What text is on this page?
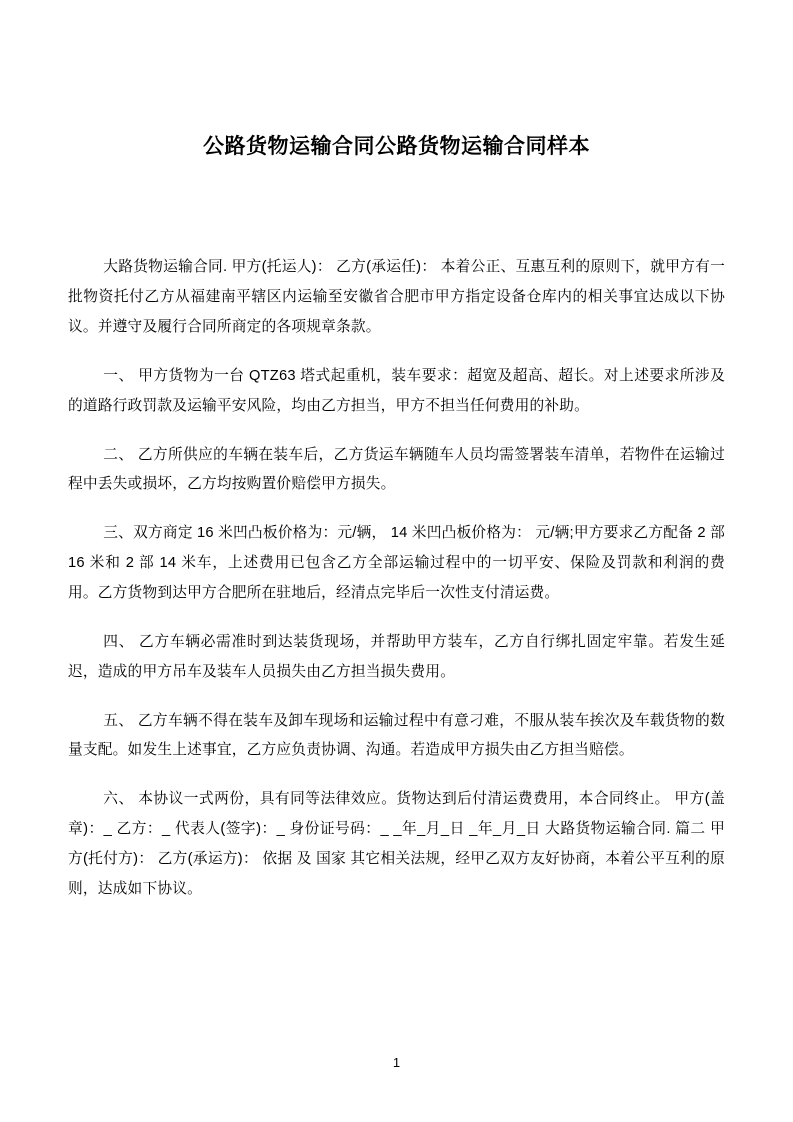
公路货物运输合同公路货物运输合同样本

大路货物运输合同. 甲方(托运人)： 乙方(承运任)： 本着公正、互惠互利的原则下，就甲方有一批物资托付乙方从福建南平辖区内运输至安徽省合肥市甲方指定设备仓库内的相关事宜达成以下协议。并遵守及履行合同所商定的各项规章条款。

一、 甲方货物为一台 QTZ63 塔式起重机，装车要求：超宽及超高、超长。对上述要求所涉及的道路行政罚款及运输平安风险，均由乙方担当，甲方不担当任何费用的补助。

二、 乙方所供应的车辆在装车后，乙方货运车辆随车人员均需签署装车清单，若物件在运输过程中丢失或损坏，乙方均按购置价赔偿甲方损失。

三、双方商定 16 米凹凸板价格为：元/辆， 14 米凹凸板价格为： 元/辆;甲方要求乙方配备 2 部 16 米和 2 部 14 米车，上述费用已包含乙方全部运输过程中的一切平安、保险及罚款和利润的费用。乙方货物到达甲方合肥所在驻地后，经清点完毕后一次性支付清运费。

四、 乙方车辆必需准时到达装货现场，并帮助甲方装车，乙方自行绑扎固定牢靠。若发生延迟，造成的甲方吊车及装车人员损失由乙方担当损失费用。

五、 乙方车辆不得在装车及卸车现场和运输过程中有意刁难，不服从装车挨次及车载货物的数量支配。如发生上述事宜，乙方应负责协调、沟通。若造成甲方损失由乙方担当赔偿。

六、 本协议一式两份，具有同等法律效应。货物达到后付清运费费用，本合同终止。 甲方(盖章)：_ 乙方：_ 代表人(签字)：_ 身份证号码：_ _年_月_日 _年_月_日 大路货物运输合同. 篇二 甲方(托付方)： 乙方(承运方)： 依据 及 国家 其它相关法规，经甲乙双方友好协商，本着公平互利的原则，达成如下协议。

1
